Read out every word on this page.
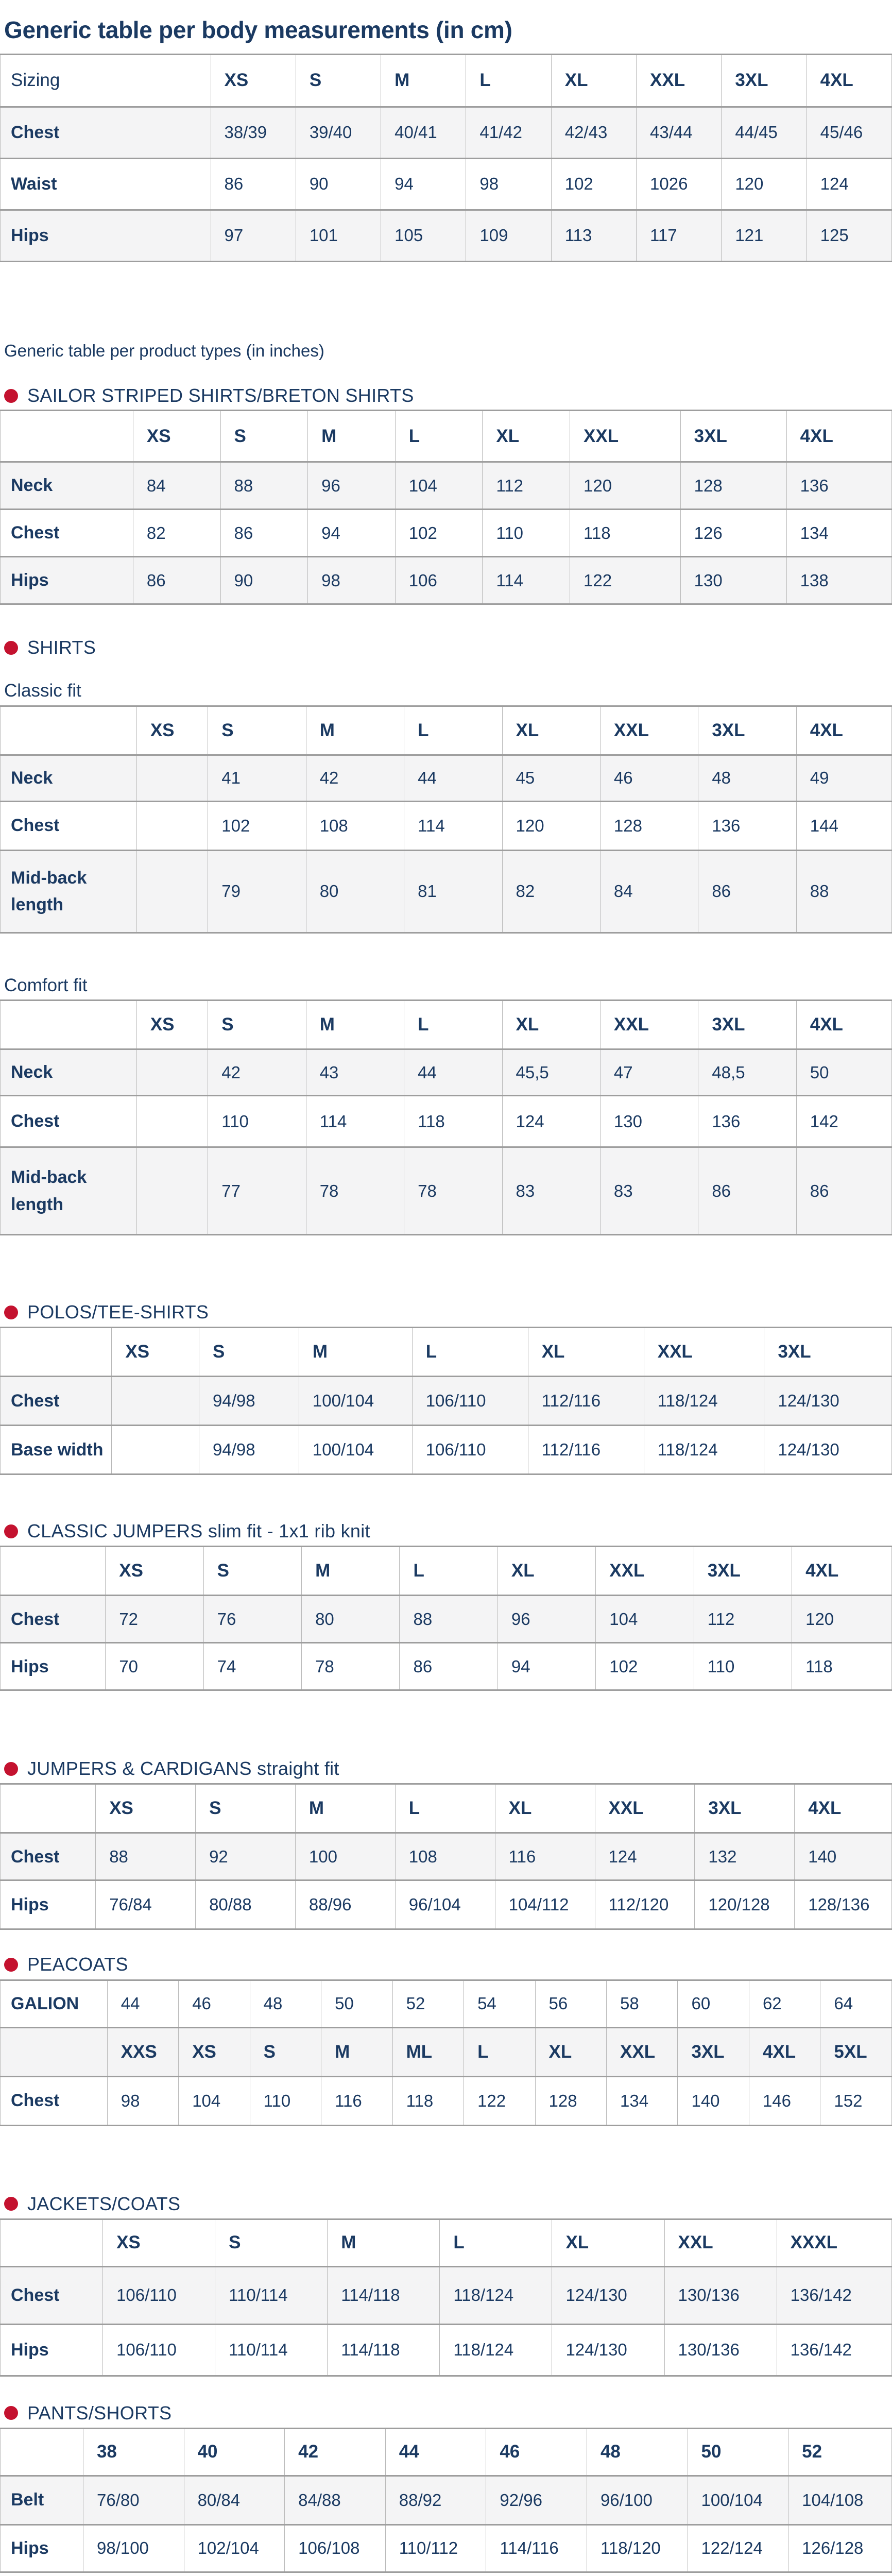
Generic table per body measurements (in cm)
Sizing	XS	S	M	L	XL	XXL	3XL	4XL
Chest	38/39	39/40	40/41	41/42	42/43	43/44	44/45	45/46
Waist	86	90	94	98	102	1026	120	124
Hips	97	101	105	109	113	117	121	125
Generic table per product types (in inches)
SAILOR STRIPED SHIRTS/BRETON SHIRTS
	XS	S	M	L	XL	XXL	3XL	4XL
Neck	84	88	96	104	112	120	128	136
Chest	82	86	94	102	110	118	126	134
Hips	86	90	98	106	114	122	130	138
SHIRTS
Classic fit
	XS	S	M	L	XL	XXL	3XL	4XL
Neck		41	42	44	45	46	48	49
Chest		102	108	114	120	128	136	144
Mid-back length		79	80	81	82	84	86	88
Comfort fit
	XS	S	M	L	XL	XXL	3XL	4XL
Neck		42	43	44	45,5	47	48,5	50
Chest		110	114	118	124	130	136	142
Mid-back length		77	78	78	83	83	86	86
POLOS/TEE-SHIRTS
	XS	S	M	L	XL	XXL	3XL
Chest		94/98	100/104	106/110	112/116	118/124	124/130
Base width		94/98	100/104	106/110	112/116	118/124	124/130
CLASSIC JUMPERS slim fit - 1x1 rib knit
	XS	S	M	L	XL	XXL	3XL	4XL
Chest	72	76	80	88	96	104	112	120
Hips	70	74	78	86	94	102	110	118
JUMPERS & CARDIGANS straight fit
	XS	S	M	L	XL	XXL	3XL	4XL
Chest	88	92	100	108	116	124	132	140
Hips	76/84	80/88	88/96	96/104	104/112	112/120	120/128	128/136
PEACOATS
GALION	44	46	48	50	52	54	56	58	60	62	64
	XXS	XS	S	M	ML	L	XL	XXL	3XL	4XL	5XL
Chest	98	104	110	116	118	122	128	134	140	146	152
JACKETS/COATS
	XS	S	M	L	XL	XXL	XXXL
Chest	106/110	110/114	114/118	118/124	124/130	130/136	136/142
Hips	106/110	110/114	114/118	118/124	124/130	130/136	136/142
PANTS/SHORTS
	38	40	42	44	46	48	50	52
Belt	76/80	80/84	84/88	88/92	92/96	96/100	100/104	104/108
Hips	98/100	102/104	106/108	110/112	114/116	118/120	122/124	126/128
